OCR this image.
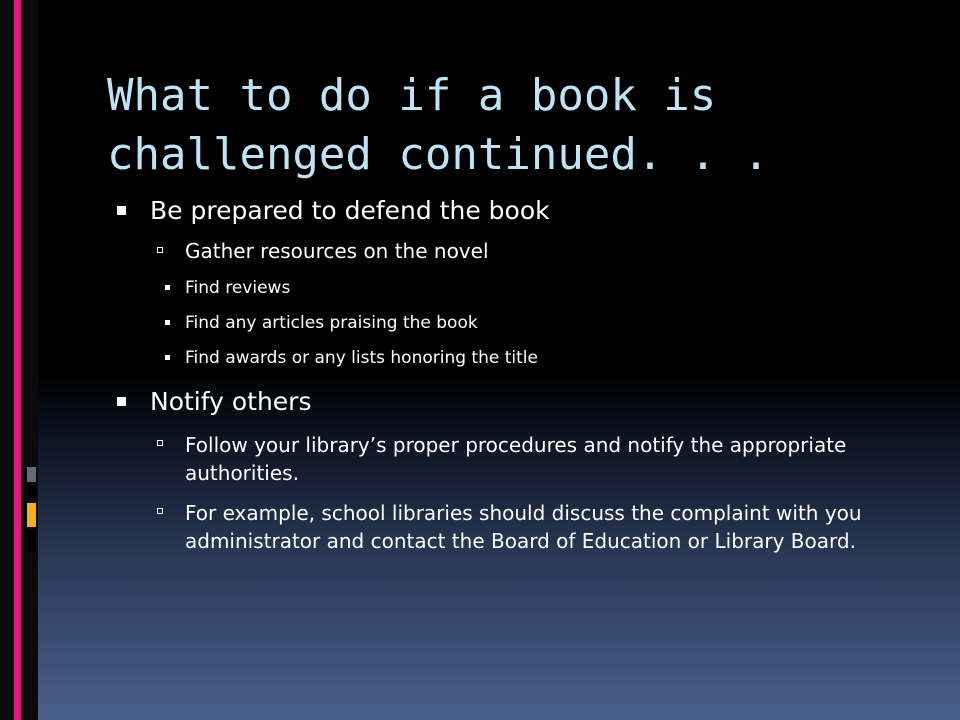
What to do if a book is
challenged continued. . .
Be prepared to defend the book
Gather resources on the novel
Find reviews
Find any articles praising the book
Find awards or any lists honoring the title
Notify others
Follow your library’s proper procedures and notify the appropriate authorities.
For example, school libraries should discuss the complaint with you administrator and contact the Board of Education or Library Board.
